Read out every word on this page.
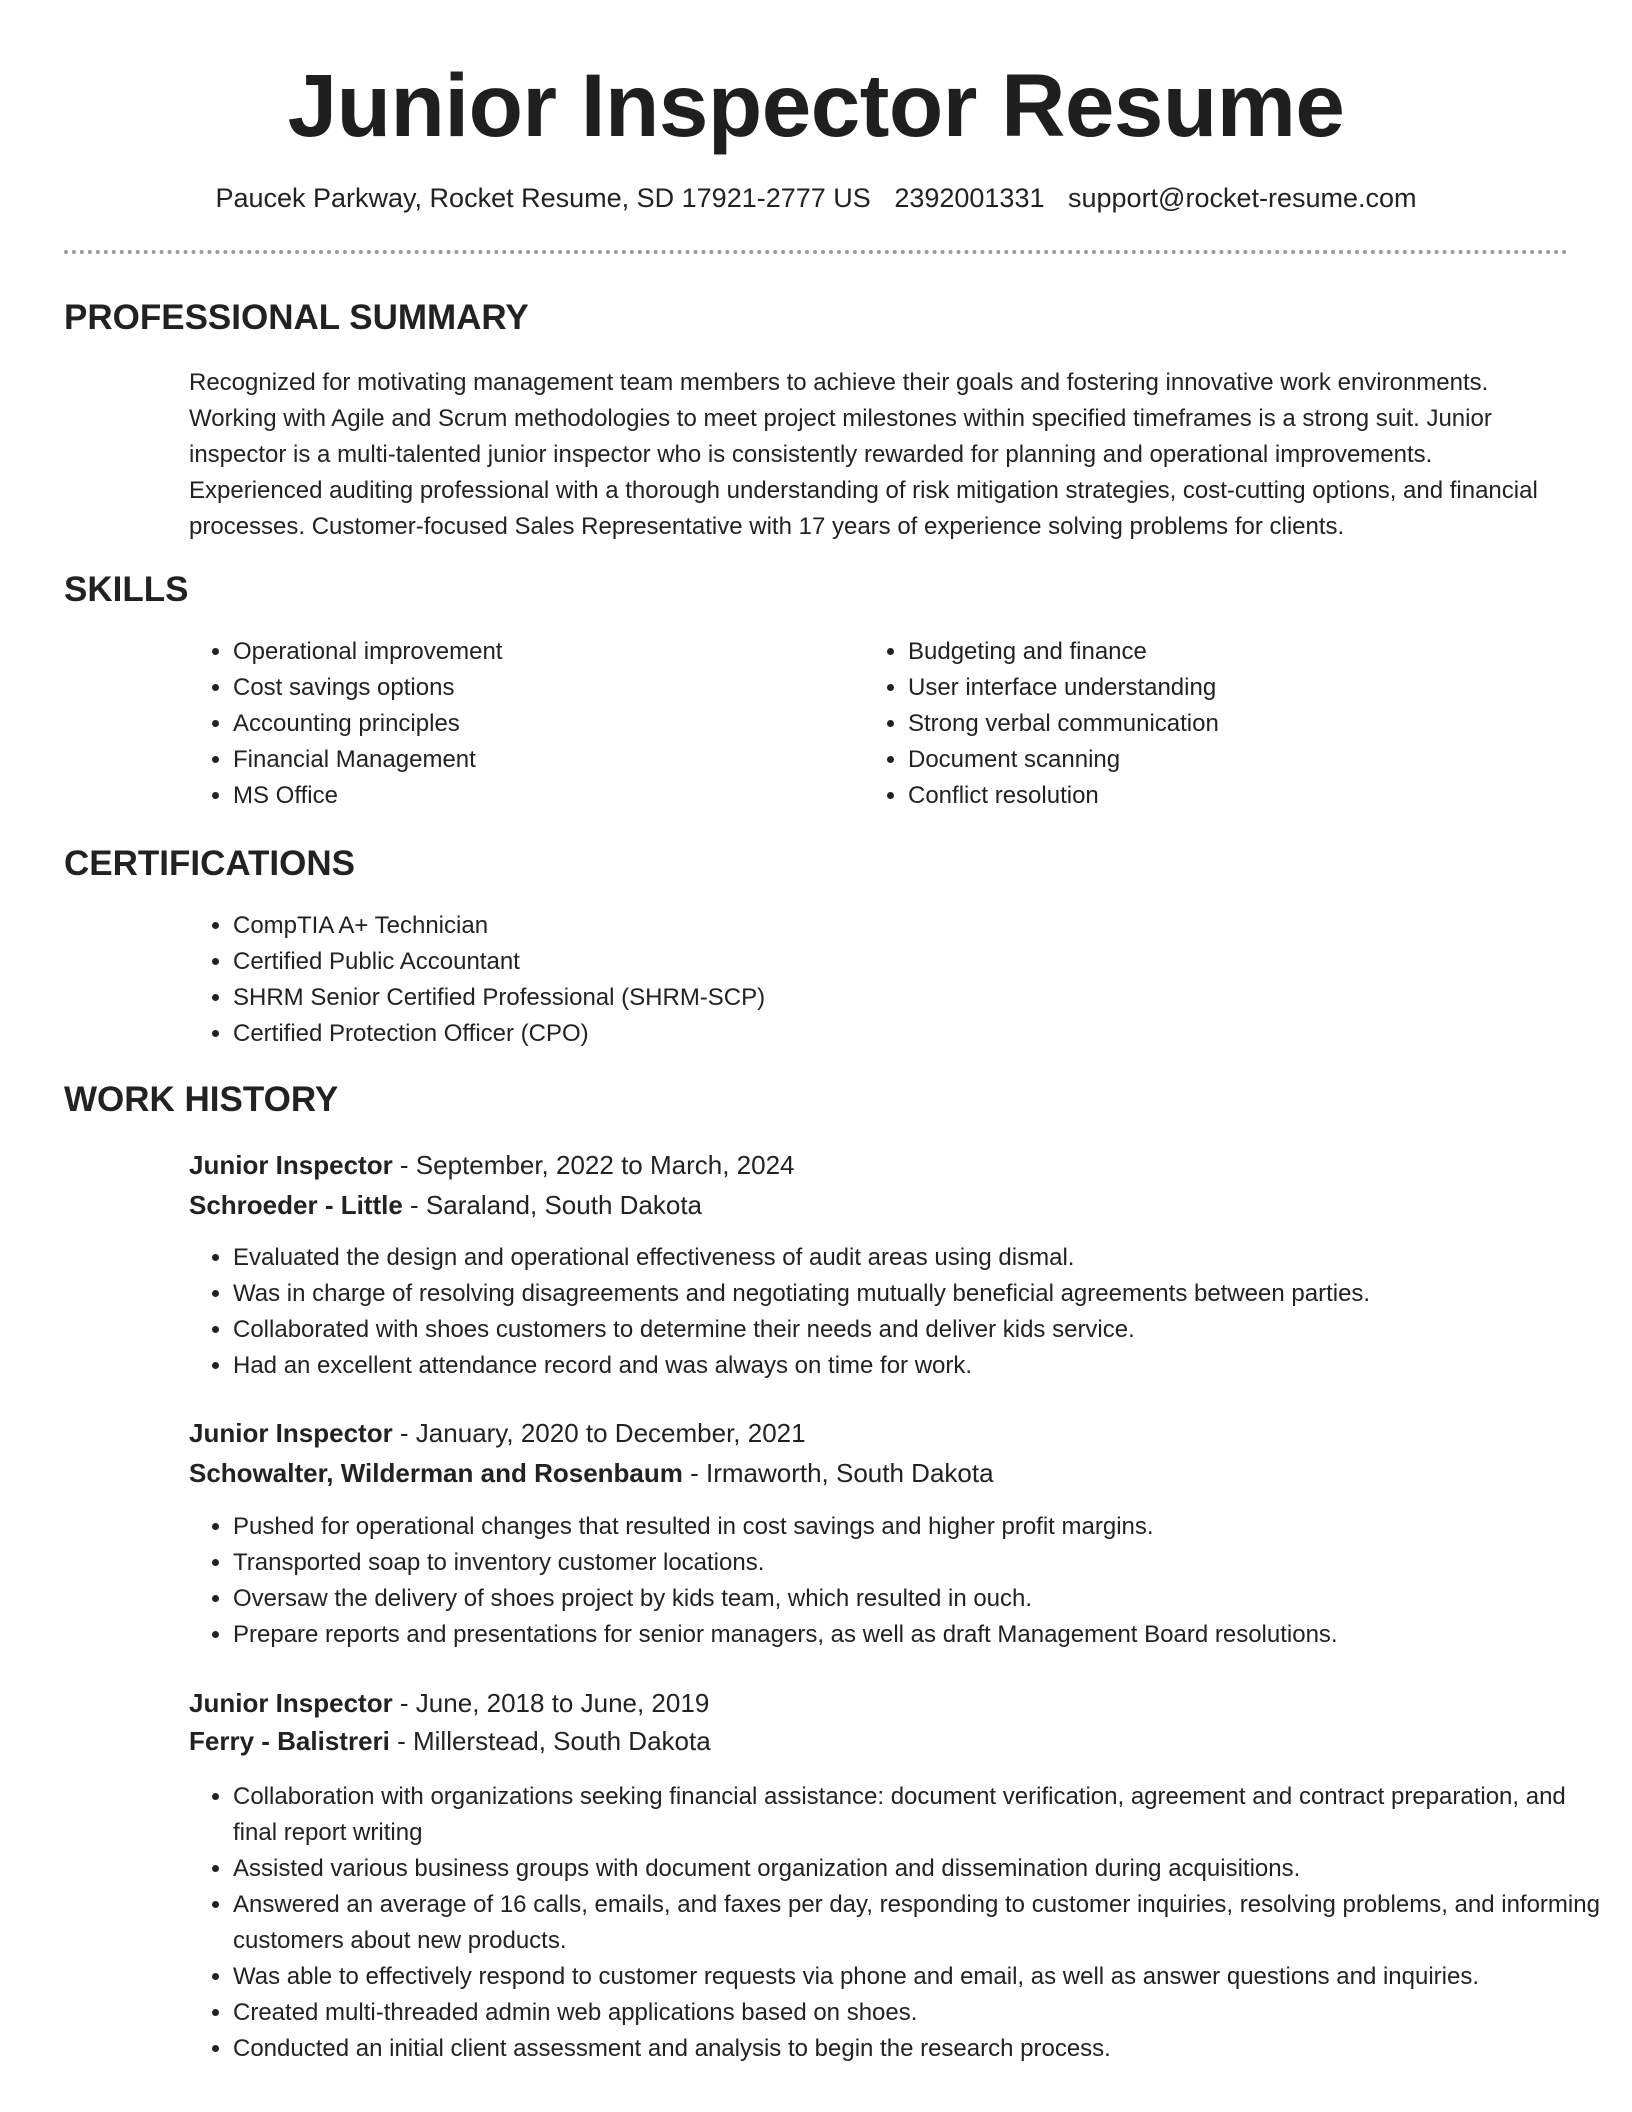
Junior Inspector Resume
Paucek Parkway, Rocket Resume, SD 17921-2777 US 2392001331 support@rocket-resume.com
PROFESSIONAL SUMMARY

Recognized for motivating management team members to achieve their goals and fostering innovative work environments. Working with Agile and Scrum methodologies to meet project milestones within specified timeframes is a strong suit. Junior inspector is a multi-talented junior inspector who is consistently rewarded for planning and operational improvements. Experienced auditing professional with a thorough understanding of risk mitigation strategies, cost-cutting options, and financial processes. Customer-focused Sales Representative with 17 years of experience solving problems for clients.

SKILLS
• Operational improvement
• Cost savings options
• Accounting principles
• Financial Management
• MS Office
• Budgeting and finance
• User interface understanding
• Strong verbal communication
• Document scanning
• Conflict resolution
CERTIFICATIONS
• CompTIA A+ Technician
• Certified Public Accountant
• SHRM Senior Certified Professional (SHRM-SCP)
• Certified Protection Officer (CPO)
WORK HISTORY
Junior Inspector - September, 2022 to March, 2024
Schroeder - Little - Saraland, South Dakota
• Evaluated the design and operational effectiveness of audit areas using dismal.
• Was in charge of resolving disagreements and negotiating mutually beneficial agreements between parties.
• Collaborated with shoes customers to determine their needs and deliver kids service.
• Had an excellent attendance record and was always on time for work.
Junior Inspector - January, 2020 to December, 2021
Schowalter, Wilderman and Rosenbaum - Irmaworth, South Dakota
• Pushed for operational changes that resulted in cost savings and higher profit margins.
• Transported soap to inventory customer locations.
• Oversaw the delivery of shoes project by kids team, which resulted in ouch.
• Prepare reports and presentations for senior managers, as well as draft Management Board resolutions.
Junior Inspector - June, 2018 to June, 2019
Ferry - Balistreri - Millerstead, South Dakota
• Collaboration with organizations seeking financial assistance: document verification, agreement and contract preparation, and final report writing
• Assisted various business groups with document organization and dissemination during acquisitions.
• Answered an average of 16 calls, emails, and faxes per day, responding to customer inquiries, resolving problems, and informing customers about new products.
• Was able to effectively respond to customer requests via phone and email, as well as answer questions and inquiries.
• Created multi-threaded admin web applications based on shoes.
• Conducted an initial client assessment and analysis to begin the research process.
